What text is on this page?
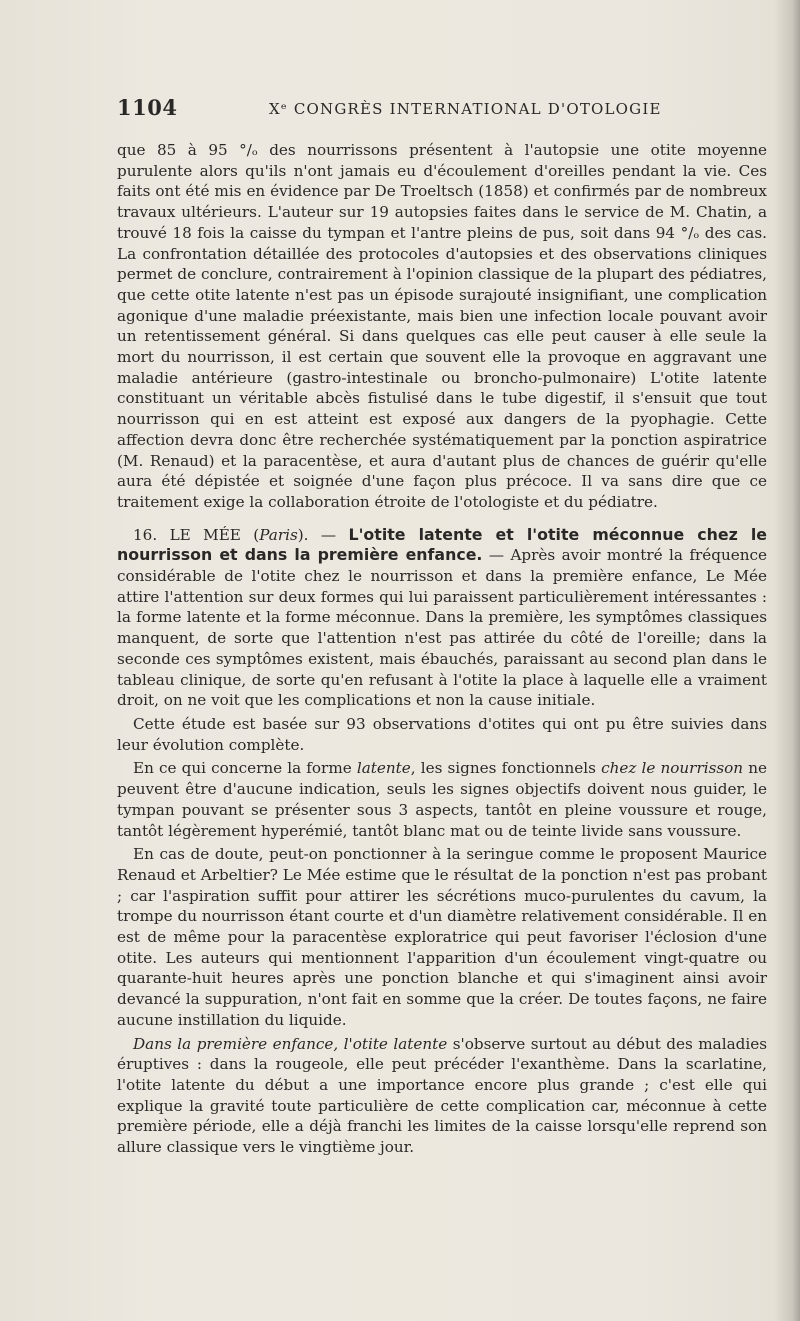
1104	Xᵉ CONGRÈS INTERNATIONAL D'OTOLOGIE

que 85 à 95 °/ₒ des nourrissons présentent à l'autopsie une otite moyenne purulente alors qu'ils n'ont jamais eu d'écoulement d'oreilles pendant la vie. Ces faits ont été mis en évidence par De Troeltsch (1858) et confirmés par de nombreux travaux ultérieurs. L'auteur sur 19 autopsies faites dans le service de M. Chatin, a trouvé 18 fois la caisse du tympan et l'antre pleins de pus, soit dans 94 °/ₒ des cas. La confrontation détaillée des protocoles d'autopsies et des observations cliniques permet de conclure, contrairement à l'opinion classique de la plupart des pédiatres, que cette otite latente n'est pas un épisode surajouté insignifiant, une complication agonique d'une maladie préexistante, mais bien une infection locale pouvant avoir un retentissement général. Si dans quelques cas elle peut causer à elle seule la mort du nourrisson, il est certain que souvent elle la provoque en aggravant une maladie antérieure (gastro-intestinale ou broncho-pulmonaire) L'otite latente constituant un véritable abcès fistulisé dans le tube digestif, il s'ensuit que tout nourrisson qui en est atteint est exposé aux dangers de la pyophagie. Cette affection devra donc être recherchée systématiquement par la ponction aspiratrice (M. Renaud) et la paracentèse, et aura d'autant plus de chances de guérir qu'elle aura été dépistée et soignée d'une façon plus précoce. Il va sans dire que ce traitement exige la collaboration étroite de l'otologiste et du pédiatre.

16. LE MÉE (Paris). — L'otite latente et l'otite méconnue chez le nourrisson et dans la première enfance. — Après avoir montré la fréquence considérable de l'otite chez le nourrisson et dans la première enfance, Le Mée attire l'attention sur deux formes qui lui paraissent particulièrement intéressantes : la forme latente et la forme méconnue. Dans la première, les symptômes classiques manquent, de sorte que l'attention n'est pas attirée du côté de l'oreille; dans la seconde ces symptômes existent, mais ébauchés, paraissant au second plan dans le tableau clinique, de sorte qu'en refusant à l'otite la place à laquelle elle a vraiment droit, on ne voit que les complications et non la cause initiale.

Cette étude est basée sur 93 observations d'otites qui ont pu être suivies dans leur évolution complète.

En ce qui concerne la forme latente, les signes fonctionnels chez le nourrisson ne peuvent être d'aucune indication, seuls les signes objectifs doivent nous guider, le tympan pouvant se présenter sous 3 aspects, tantôt en pleine voussure et rouge, tantôt légèrement hyperémié, tantôt blanc mat ou de teinte livide sans voussure.

En cas de doute, peut-on ponctionner à la seringue comme le proposent Maurice Renaud et Arbeltier? Le Mée estime que le résultat de la ponction n'est pas probant ; car l'aspiration suffit pour attirer les sécrétions muco-purulentes du cavum, la trompe du nourrisson étant courte et d'un diamètre relativement considérable. Il en est de même pour la paracentèse exploratrice qui peut favoriser l'éclosion d'une otite. Les auteurs qui mentionnent l'apparition d'un écoulement vingt-quatre ou quarante-huit heures après une ponction blanche et qui s'imaginent ainsi avoir devancé la suppuration, n'ont fait en somme que la créer. De toutes façons, ne faire aucune instillation du liquide.

Dans la première enfance, l'otite latente s'observe surtout au début des maladies éruptives : dans la rougeole, elle peut précéder l'exanthème. Dans la scarlatine, l'otite latente du début a une importance encore plus grande ; c'est elle qui explique la gravité toute particulière de cette complication car, méconnue à cette première période, elle a déjà franchi les limites de la caisse lorsqu'elle reprend son allure classique vers le vingtième jour.
